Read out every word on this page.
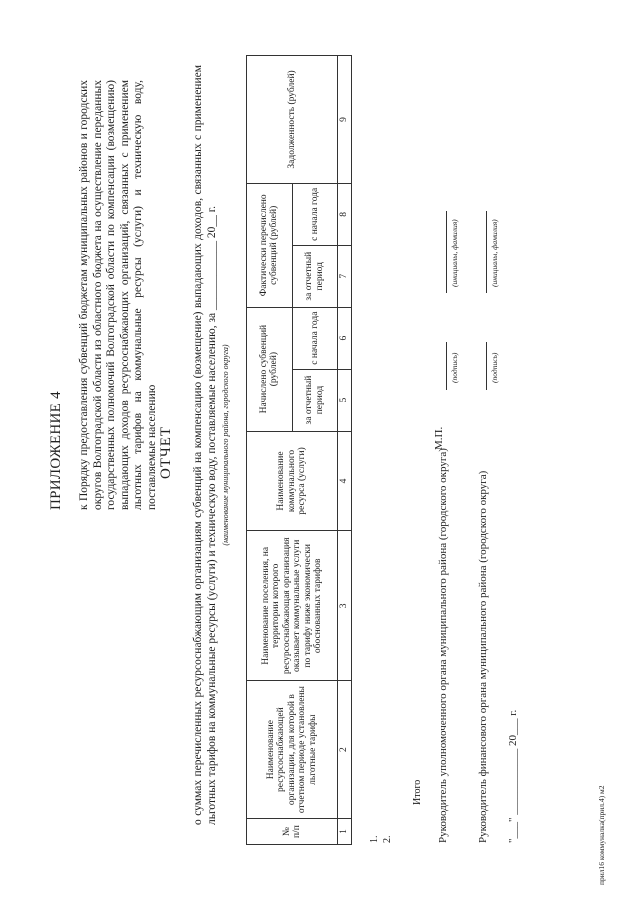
ПРИЛОЖЕНИЕ 4 к Порядку предоставления субвенций бюджетам муниципальных районов и городских округов Волгоградской области из областного бюджета на осуществление переданных государственных полномочий Волгоградской области по компенсации (возмещению) выпадающих доходов ресурсоснабжающих организаций, связанных с применением льготных тарифов на коммунальные ресурсы (услуги) и техническую воду, поставляемые населению ОТЧЕТ о суммах перечисленных ресурсоснабжающим организациям субвенций на компенсацию (возмещение) выпадающих доходов, связанных с применением льготных тарифов на коммунальные ресурсы (услуги) и техническую воду, поставляемые населению, за ____________ 20__ г. (наименование муниципального района, городского округа)
№ п/п	Наименование ресурсоснабжающей организации, для которой в отчетном периоде установлены льготные тарифы	Наименование поселения, на территории которого ресурсоснабжающая организация оказывает коммунальные услуги по тарифу ниже экономически обоснованных тарифов	Наименование коммунального ресурса (услуги)	Начислено субвенций (рублей)		Фактически перечислено субвенций (рублей)		Задолженность (рублей)
				за отчетный период	с начала года	за отчетный период	с начала года	
1	2	3	4	5	6	7	8	9
1. 2.
Итого Руководитель уполномоченного органа муниципального района (городского округа)
М.П.
(подпись)
(инициалы, фамилия)
Руководитель финансового органа муниципального района (городского округа)
(подпись)
(инициалы, фамилия)
"___" ____________ 20___ г.	прил16 коммуналка(прил.4) м2
